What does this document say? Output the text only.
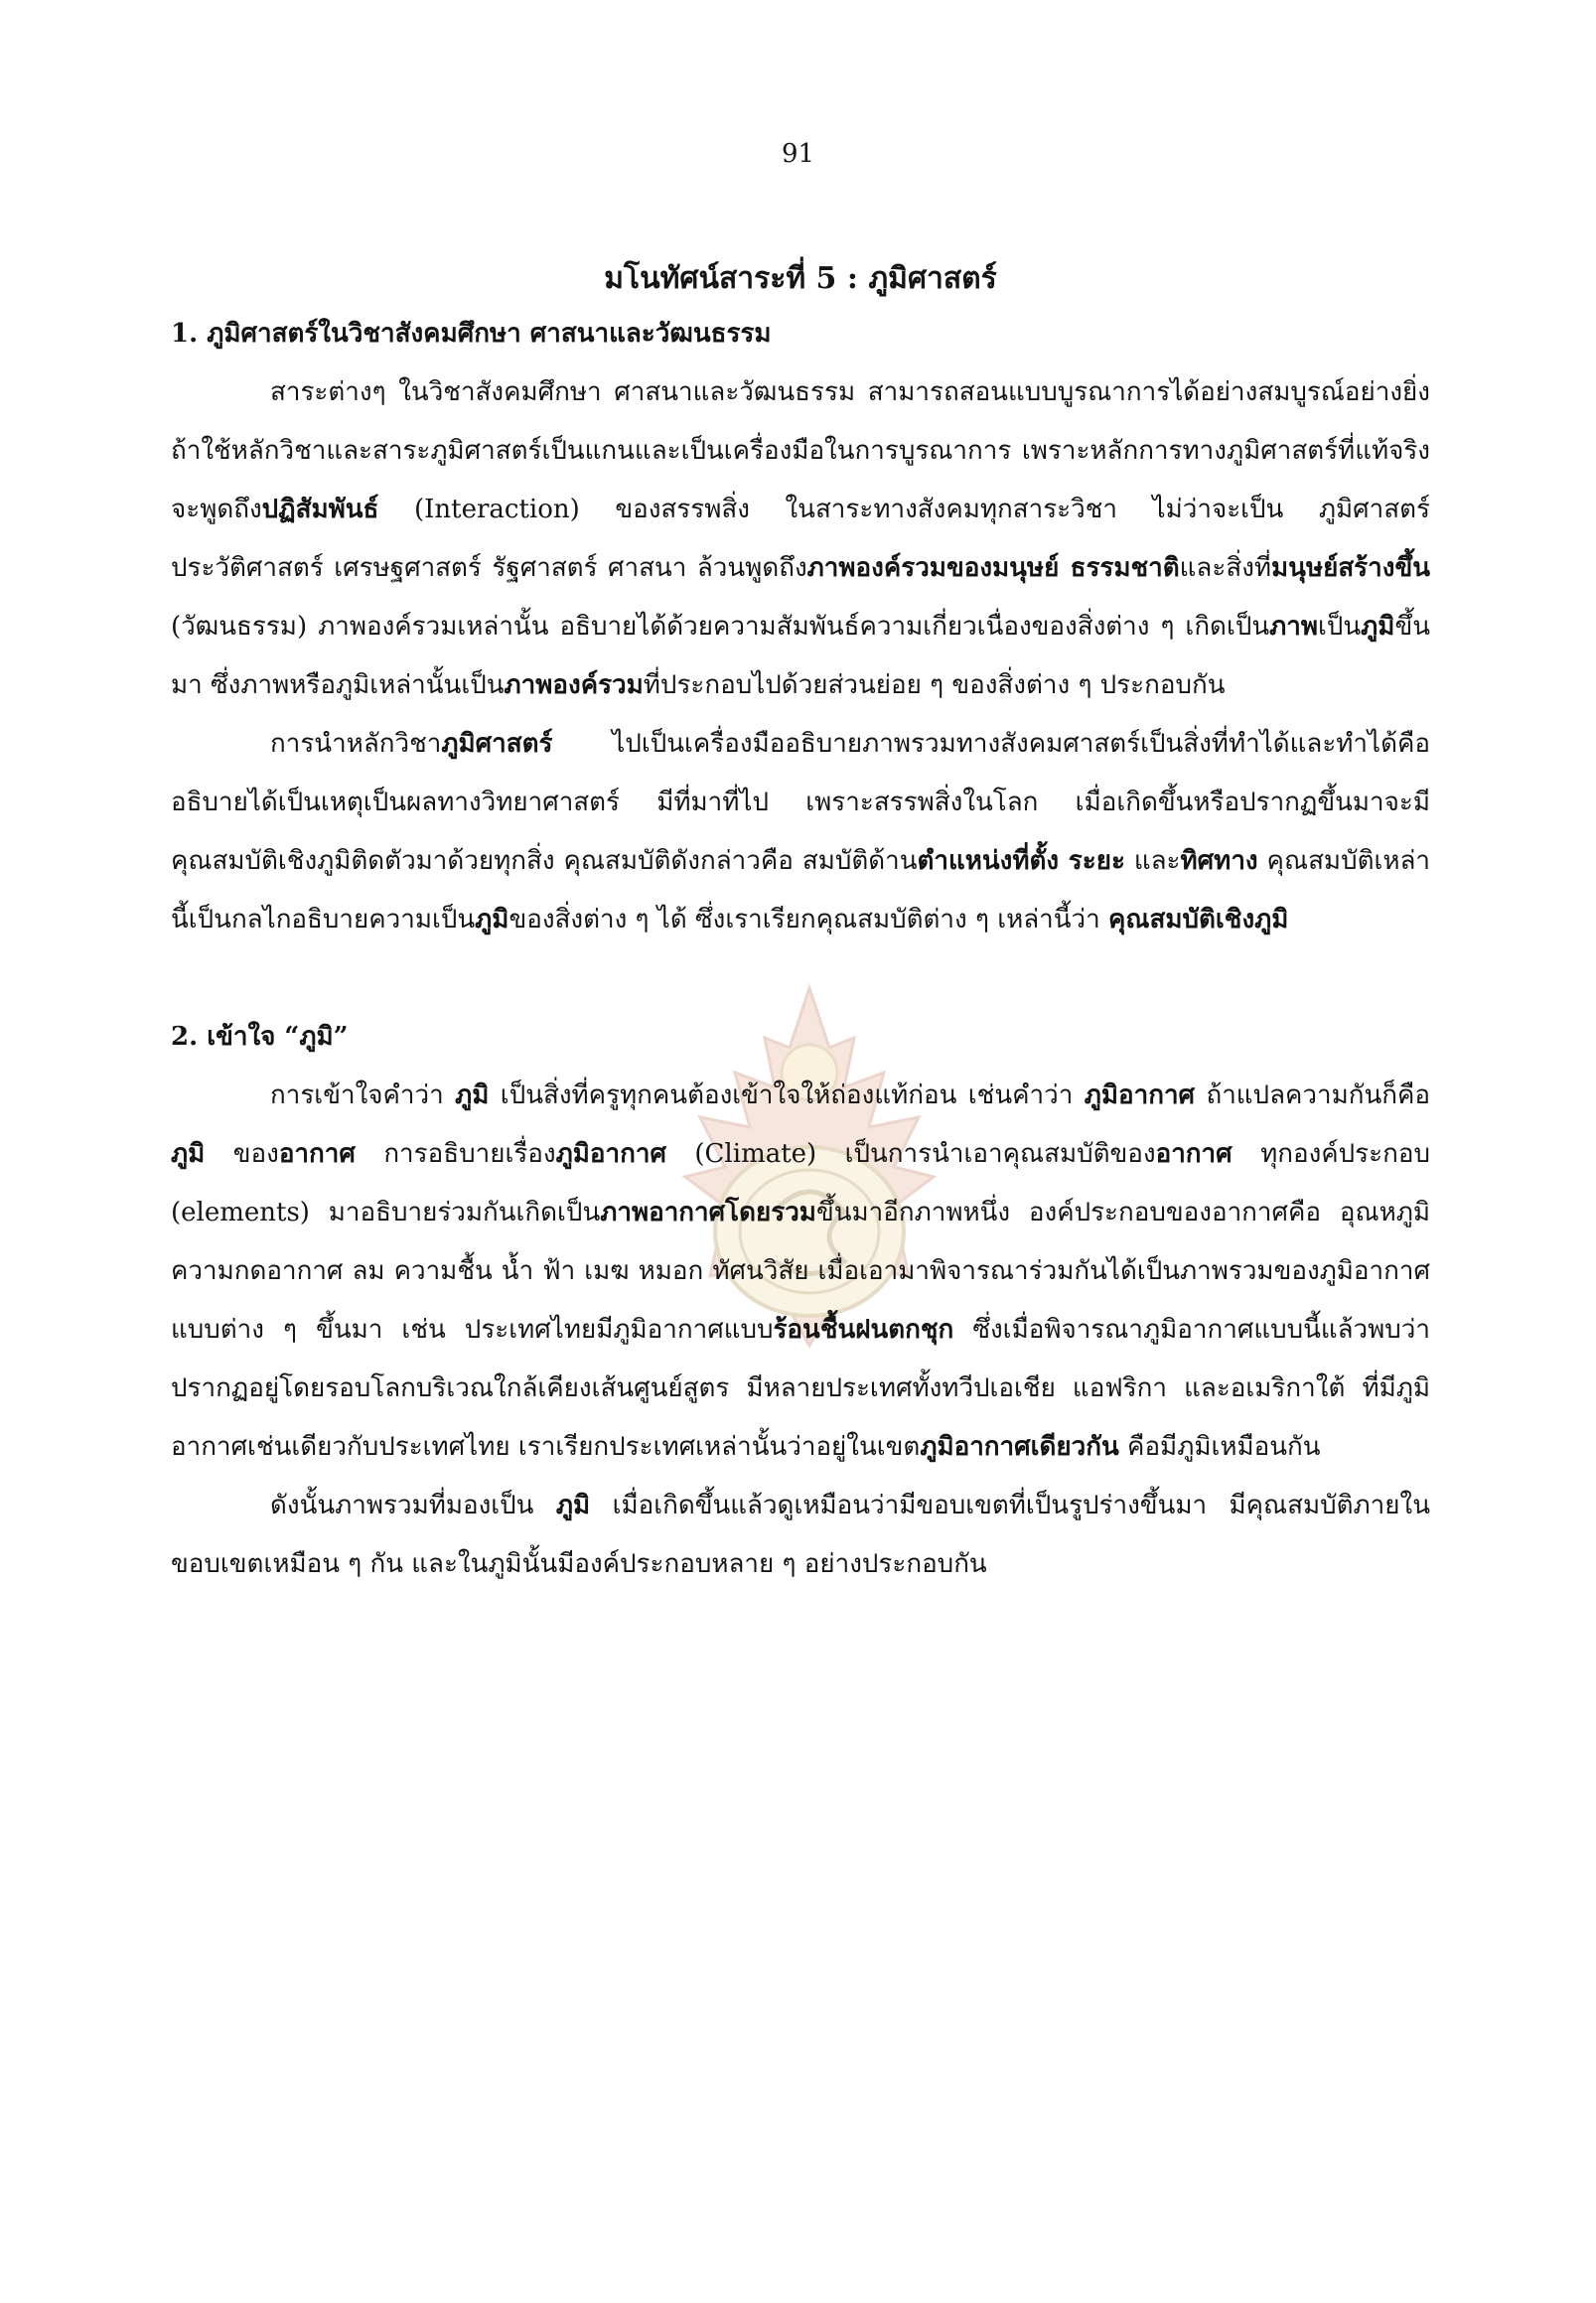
91
มโนทัศน์สาระที่ 5 : ภูมิศาสตร์
1. ภูมิศาสตร์ในวิชาสังคมศึกษา ศาสนาและวัฒนธรรม

สาระต่างๆ ในวิชาสังคมศึกษา ศาสนาและวัฒนธรรม สามารถสอนแบบบูรณาการได้อย่างสมบูรณ์อย่างยิ่ง ถ้าใช้หลักวิชาและสาระภูมิศาสตร์เป็นแกนและเป็นเครื่องมือในการบูรณาการ เพราะหลักการทางภูมิศาสตร์ที่แท้จริง จะพูดถึงปฏิสัมพันธ์ (Interaction) ของสรรพสิ่ง ในสาระทางสังคมทุกสาระวิชา ไม่ว่าจะเป็น ภูมิศาสตร์ ประวัติศาสตร์ เศรษฐศาสตร์ รัฐศาสตร์ ศาสนา ล้วนพูดถึงภาพองค์รวมของมนุษย์ ธรรมชาติและสิ่งที่มนุษย์สร้างขึ้น (วัฒนธรรม) ภาพองค์รวมเหล่านั้น อธิบายได้ด้วยความสัมพันธ์ความเกี่ยวเนื่องของสิ่งต่าง ๆ เกิดเป็นภาพเป็นภูมิขึ้นมา ซึ่งภาพหรือภูมิเหล่านั้นเป็นภาพองค์รวมที่ประกอบไปด้วยส่วนย่อย ๆ ของสิ่งต่าง ๆ ประกอบกัน

การนำหลักวิชาภูมิศาสตร์ ไปเป็นเครื่องมืออธิบายภาพรวมทางสังคมศาสตร์เป็นสิ่งที่ทำได้และทำได้คืออธิบายได้เป็นเหตุเป็นผลทางวิทยาศาสตร์ มีที่มาที่ไป เพราะสรรพสิ่งในโลก เมื่อเกิดขึ้นหรือปรากฏขึ้นมาจะมีคุณสมบัติเชิงภูมิติดตัวมาด้วยทุกสิ่ง คุณสมบัติดังกล่าวคือ สมบัติด้านตำแหน่งที่ตั้ง ระยะ และทิศทาง คุณสมบัติเหล่านี้เป็นกลไกอธิบายความเป็นภูมิของสิ่งต่าง ๆ ได้ ซึ่งเราเรียกคุณสมบัติต่าง ๆ เหล่านี้ว่า คุณสมบัติเชิงภูมิ

2. เข้าใจ “ภูมิ”

การเข้าใจคำว่า ภูมิ เป็นสิ่งที่ครูทุกคนต้องเข้าใจให้ถ่องแท้ก่อน เช่นคำว่า ภูมิอากาศ ถ้าแปลความกันก็คือ ภูมิ ของอากาศ การอธิบายเรื่องภูมิอากาศ (Climate) เป็นการนำเอาคุณสมบัติของอากาศ ทุกองค์ประกอบ (elements) มาอธิบายร่วมกันเกิดเป็นภาพอากาศโดยรวมขึ้นมาอีกภาพหนึ่ง องค์ประกอบของอากาศคือ อุณหภูมิ ความกดอากาศ ลม ความชื้น น้ำ ฟ้า เมฆ หมอก ทัศนวิสัย เมื่อเอามาพิจารณาร่วมกันได้เป็นภาพรวมของภูมิอากาศแบบต่าง ๆ ขึ้นมา เช่น ประเทศไทยมีภูมิอากาศแบบร้อนชื้นฝนตกชุก ซึ่งเมื่อพิจารณาภูมิอากาศแบบนี้แล้วพบว่า ปรากฏอยู่โดยรอบโลกบริเวณใกล้เคียงเส้นศูนย์สูตร มีหลายประเทศทั้งทวีปเอเชีย แอฟริกา และอเมริกาใต้ ที่มีภูมิอากาศเช่นเดียวกับประเทศไทย เราเรียกประเทศเหล่านั้นว่าอยู่ในเขตภูมิอากาศเดียวกัน คือมีภูมิเหมือนกัน

ดังนั้นภาพรวมที่มองเป็น ภูมิ เมื่อเกิดขึ้นแล้วดูเหมือนว่ามีขอบเขตที่เป็นรูปร่างขึ้นมา มีคุณสมบัติภายในขอบเขตเหมือน ๆ กัน และในภูมินั้นมีองค์ประกอบหลาย ๆ อย่างประกอบกัน
